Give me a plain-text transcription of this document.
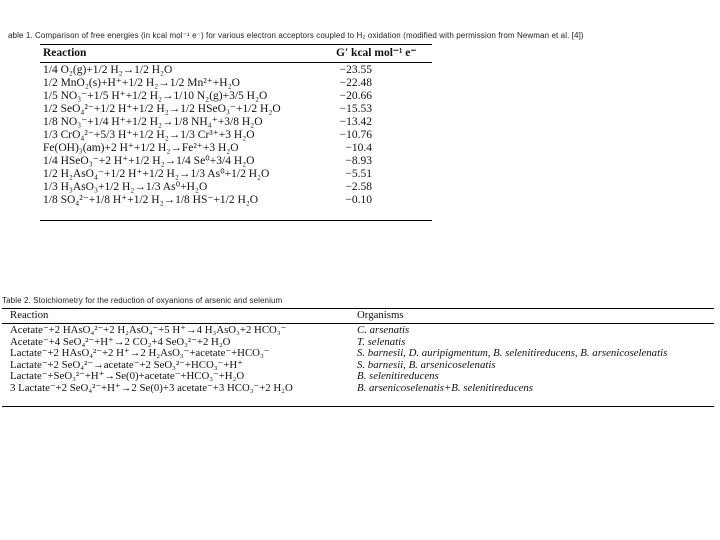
able 1. Comparison of free energies (in kcal mol⁻¹ e⁻) for various electron acceptors coupled to H₂ oxidation (modified with permission from Newman et al. [4])
Reaction	G′ kcal mol⁻¹ e⁻
1/4 O₂(g)+1/2 H₂→1/2 H₂O	−23.55
1/2 MnO₂(s)+H⁺+1/2 H₂→1/2 Mn²⁺+H₂O	−22.48
1/5 NO₃⁻+1/5 H⁺+1/2 H₂→1/10 N₂(g)+3/5 H₂O	−20.66
1/2 SeO₄²⁻+1/2 H⁺+1/2 H₂→1/2 HSeO₃⁻+1/2 H₂O	−15.53
1/8 NO₃⁻+1/4 H⁺+1/2 H₂→1/8 NH₄⁺+3/8 H₂O	−13.42
1/3 CrO₄²⁻+5/3 H⁺+1/2 H₂→1/3 Cr³⁺+3 H₂O	−10.76
Fe(OH)₃(am)+2 H⁺+1/2 H₂→Fe²⁺+3 H₂O	−10.4
1/4 HSeO₃⁻+2 H⁺+1/2 H₂→1/4 Se⁰+3/4 H₂O	−8.93
1/2 H₂AsO₄⁻+1/2 H⁺+1/2 H₂→1/3 As⁰+1/2 H₂O	−5.51
1/3 H₃AsO₃+1/2 H₂→1/3 As⁰+H₂O	−2.58
1/8 SO₄²⁻+1/8 H⁺+1/2 H₂→1/8 HS⁻+1/2 H₂O	−0.10
Table 2. Stoichiometry for the reduction of oxyanions of arsenic and selenium
Reaction	Organisms
Acetate⁻+2 HAsO₄²⁻+2 H₂AsO₄⁻+5 H⁺→4 H₃AsO₃+2 HCO₃⁻	C. arsenatis
Acetate⁻+4 SeO₄²⁻+H⁺→2 CO₂+4 SeO₃²⁻+2 H₂O	T. selenatis
Lactate⁻+2 HAsO₄²⁻+2 H⁺→2 H₂AsO₃⁻+acetate⁻+HCO₃⁻	S. barnesii, D. auripigmentum, B. selenitireducens, B. arsenicoselenatis
Lactate⁻+2 SeO₄²⁻→acetate⁻+2 SeO₃²⁻+HCO₃⁻+H⁺	S. barnesii, B. arsenicoselenatis
Lactate⁻+SeO₃²⁻+H⁺→Se(0)+acetate⁻+HCO₃⁻+H₂O	B. selenitireducens
3 Lactate⁻+2 SeO₄²⁻+H⁺→2 Se(0)+3 acetate⁻+3 HCO₃⁻+2 H₂O	B. arsenicoselenatis+B. selenitireducens
